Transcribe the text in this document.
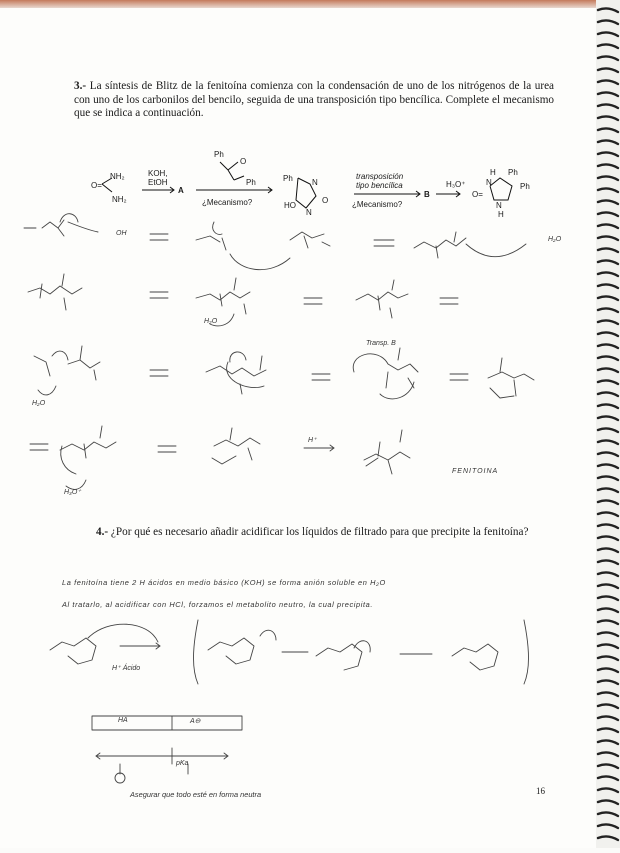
3.- La síntesis de Blitz de la fenitoína comienza con la condensación de uno de los nitrógenos de la urea con uno de los carbonilos del bencilo, seguida de una transposición tipo bencílica. Complete el mecanismo que se indica a continuación.
NH₂
NH₂
O=
KOH,
EtOH
A
Ph
O
Ph
¿Mecanismo?
Ph N
HO
O
N
transposición
tipo bencílica
¿Mecanismo?
B
H₃O⁺
H Ph
Ph
N
O=
N
H
OH
H₂O
H₂O
Transp. B
H₂O
H₃O⁺
H⁺
FENITOINA
4.- ¿Por qué es necesario añadir acidificar los líquidos de filtrado para que precipite la fenitoína?
La fenitoína tiene 2 H ácidos en medio básico (KOH) se forma anión soluble en H₂O
Al tratarlo, al acidificar con HCl, forzamos el metabolito neutro, la cual precipita.
H⁺ Ácido
HA	A⊖
pKa
Asegurar que todo esté en forma neutra	16
